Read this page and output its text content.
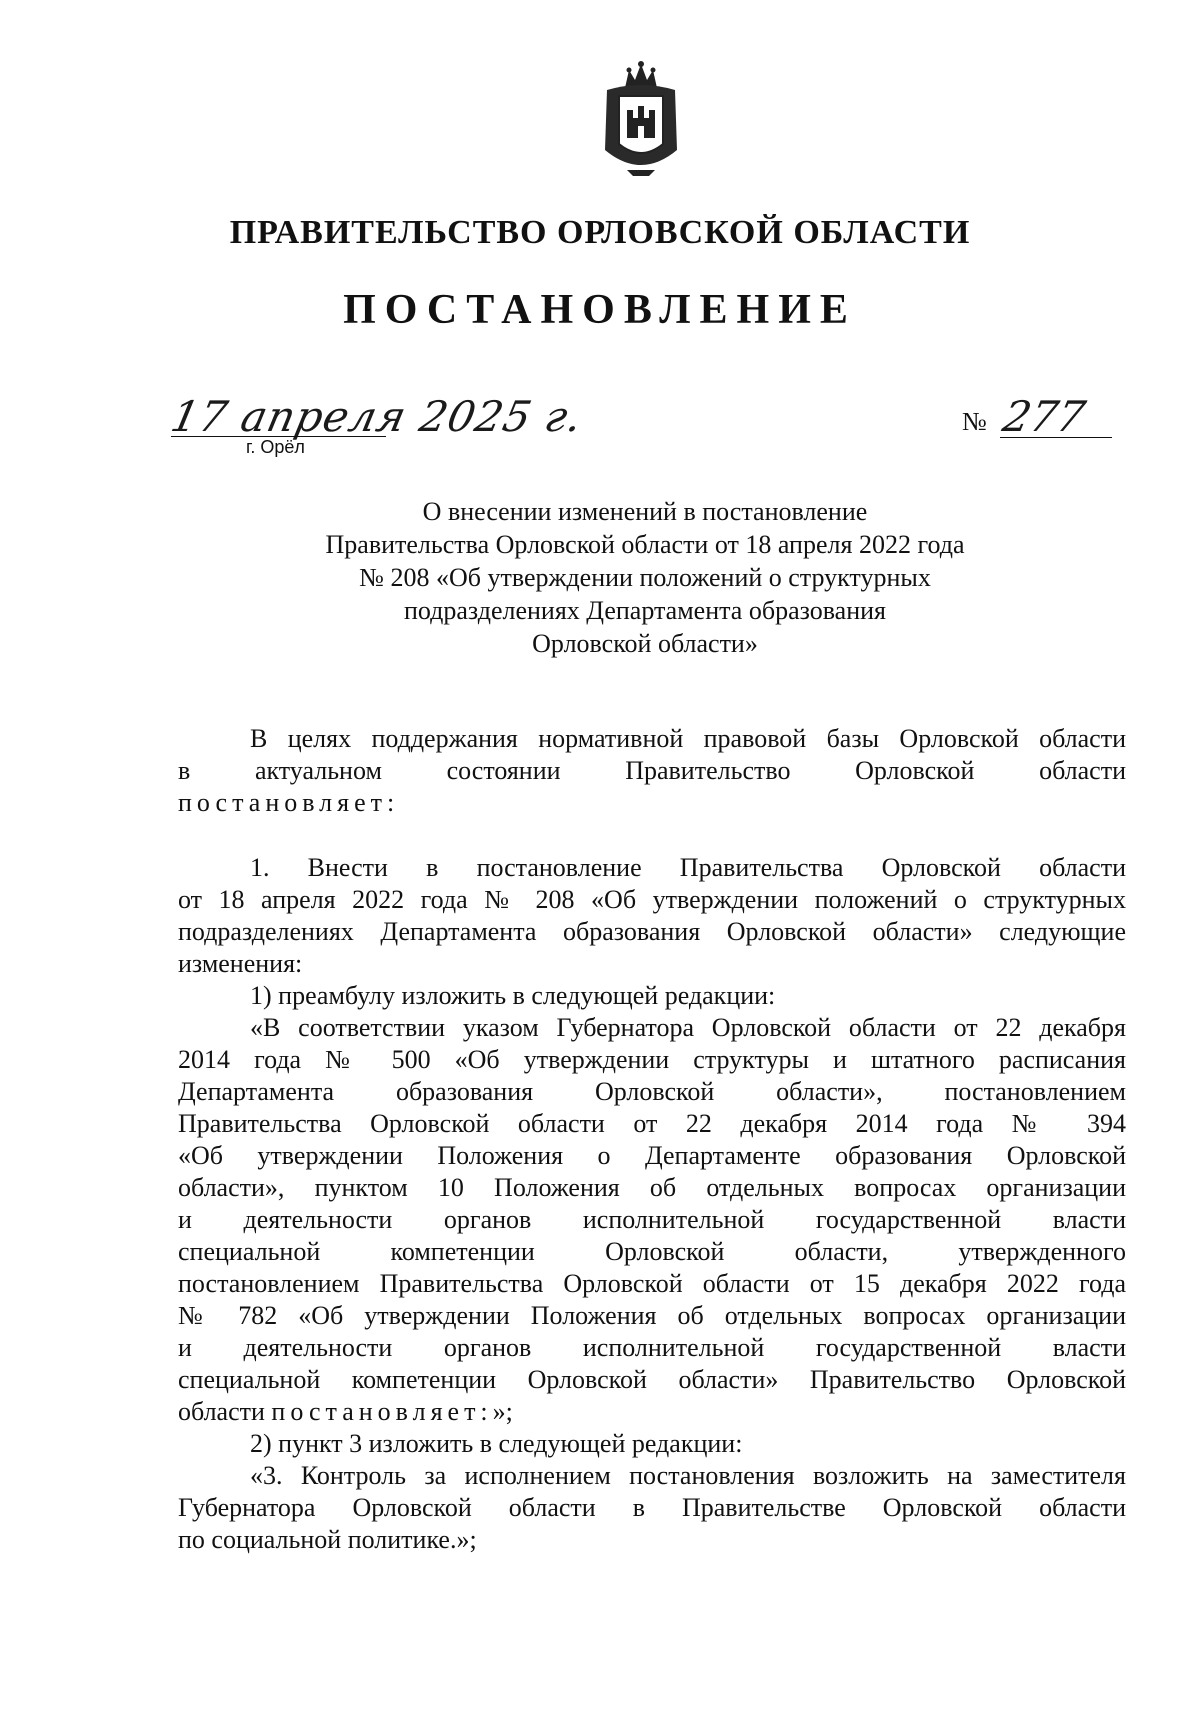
ПРАВИТЕЛЬСТВО ОРЛОВСКОЙ ОБЛАСТИ
ПОСТАНОВЛЕНИЕ
17 апреля 2025 г.
г. Орёл
№ 277
О внесении изменений в постановление
Правительства Орловской области от 18 апреля 2022 года
№ 208 «Об утверждении положений о структурных
подразделениях Департамента образования
Орловской области»
В целях поддержания нормативной правовой базы Орловской области
в актуальном состоянии Правительство Орловской области
постановляет:
1. Внести в постановление Правительства Орловской области
от 18 апреля 2022 года № 208 «Об утверждении положений о структурных
подразделениях Департамента образования Орловской области» следующие
изменения:
1) преамбулу изложить в следующей редакции:
«В соответствии указом Губернатора Орловской области от 22 декабря
2014 года № 500 «Об утверждении структуры и штатного расписания
Департамента образования Орловской области», постановлением
Правительства Орловской области от 22 декабря 2014 года № 394
«Об утверждении Положения о Департаменте образования Орловской
области», пунктом 10 Положения об отдельных вопросах организации
и деятельности органов исполнительной государственной власти
специальной компетенции Орловской области, утвержденного
постановлением Правительства Орловской области от 15 декабря 2022 года
№ 782 «Об утверждении Положения об отдельных вопросах организации
и деятельности органов исполнительной государственной власти
специальной компетенции Орловской области» Правительство Орловской
области постановляет:»;
2) пункт 3 изложить в следующей редакции:
«3. Контроль за исполнением постановления возложить на заместителя
Губернатора Орловской области в Правительстве Орловской области
по социальной политике.»;
